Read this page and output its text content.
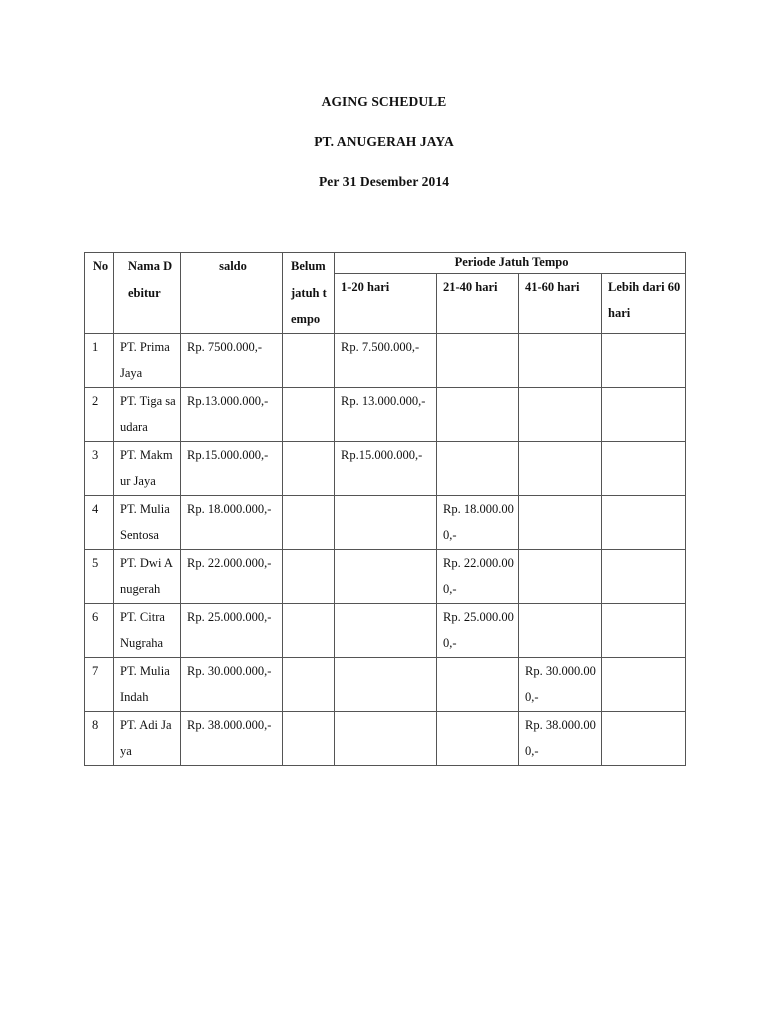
AGING SCHEDULE
PT. ANUGERAH JAYA
Per 31 Desember 2014
No	Nama Debitur	saldo	Belum jatuh tempo	Periode Jatuh Tempo			
				1-20 hari	21-40 hari	41-60 hari	Lebih dari 60 hari
1	PT. Prima Jaya	Rp. 7500.000,-		Rp. 7.500.000,-			
2	PT. Tiga saudara	Rp.13.000.000,-		Rp. 13.000.000,-			
3	PT. Makmur Jaya	Rp.15.000.000,-		Rp.15.000.000,-			
4	PT. Mulia Sentosa	Rp. 18.000.000,-			Rp. 18.000.000,-		
5	PT. Dwi Anugerah	Rp. 22.000.000,-			Rp. 22.000.000,-		
6	PT. Citra Nugraha	Rp. 25.000.000,-			Rp. 25.000.000,-		
7	PT. Mulia Indah	Rp. 30.000.000,-				Rp. 30.000.000,-	
8	PT. Adi Jaya	Rp. 38.000.000,-				Rp. 38.000.000,-	
